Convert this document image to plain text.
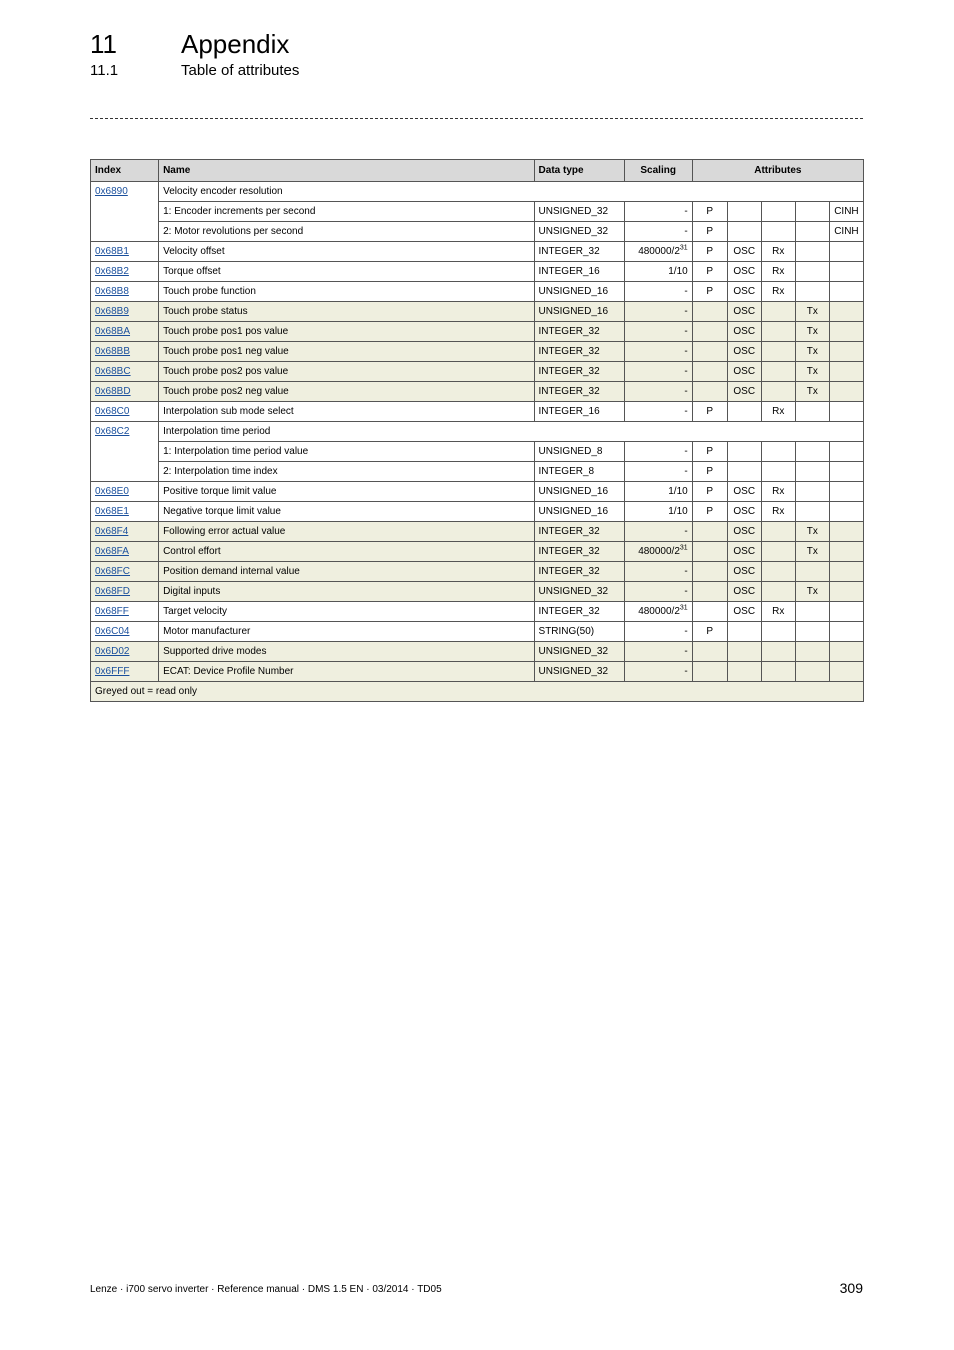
11 Appendix
11.1	Table of attributes
Index	Name	Data type	Scaling	Attributes				
0x6890	Velocity encoder resolution							
	1: Encoder increments per second	UNSIGNED_32	-	P				CINH
	2: Motor revolutions per second	UNSIGNED_32	-	P				CINH
0x68B1	Velocity offset	INTEGER_32	$480000/2^{31}$	P	OSC	Rx		
0x68B2	Torque offset	INTEGER_16	1/10	P	OSC	Rx		
0x68B8	Touch probe function	UNSIGNED_16	-	P	OSC	Rx		
0x68B9	Touch probe status	UNSIGNED_16	-		OSC		Tx	
0x68BA	Touch probe pos1 pos value	INTEGER_32	-		OSC		Tx	
0x68BB	Touch probe pos1 neg value	INTEGER_32	-		OSC		Tx	
0x68BC	Touch probe pos2 pos value	INTEGER_32	-		OSC		Tx	
0x68BD	Touch probe pos2 neg value	INTEGER_32	-		OSC		Tx	
0x68C0	Interpolation sub mode select	INTEGER_16	-	P		Rx		
0x68C2	Interpolation time period							
	1: Interpolation time period value	UNSIGNED_8	-	P				
	2: Interpolation time index	INTEGER_8	-	P				
0x68E0	Positive torque limit value	UNSIGNED_16	1/10	P	OSC	Rx		
0x68E1	Negative torque limit value	UNSIGNED_16	1/10	P	OSC	Rx		
0x68F4	Following error actual value	INTEGER_32	-		OSC		Tx	
0x68FA	Control effort	INTEGER_32	$480000/2^{31}$		OSC		Tx	
0x68FC	Position demand internal value	INTEGER_32	-		OSC			
0x68FD	Digital inputs	UNSIGNED_32	-		OSC		Tx	
0x68FF	Target velocity	INTEGER_32	$480000/2^{31}$		OSC	Rx		
0x6C04	Motor manufacturer	STRING(50)	-	P				
0x6D02	Supported drive modes	UNSIGNED_32	-					
0x6FFF	ECAT: Device Profile Number	UNSIGNED_32	-					
Greyed out = read only								
Lenze · i700 servo inverter · Reference manual · DMS 1.5 EN · 03/2014 · TD05	309
